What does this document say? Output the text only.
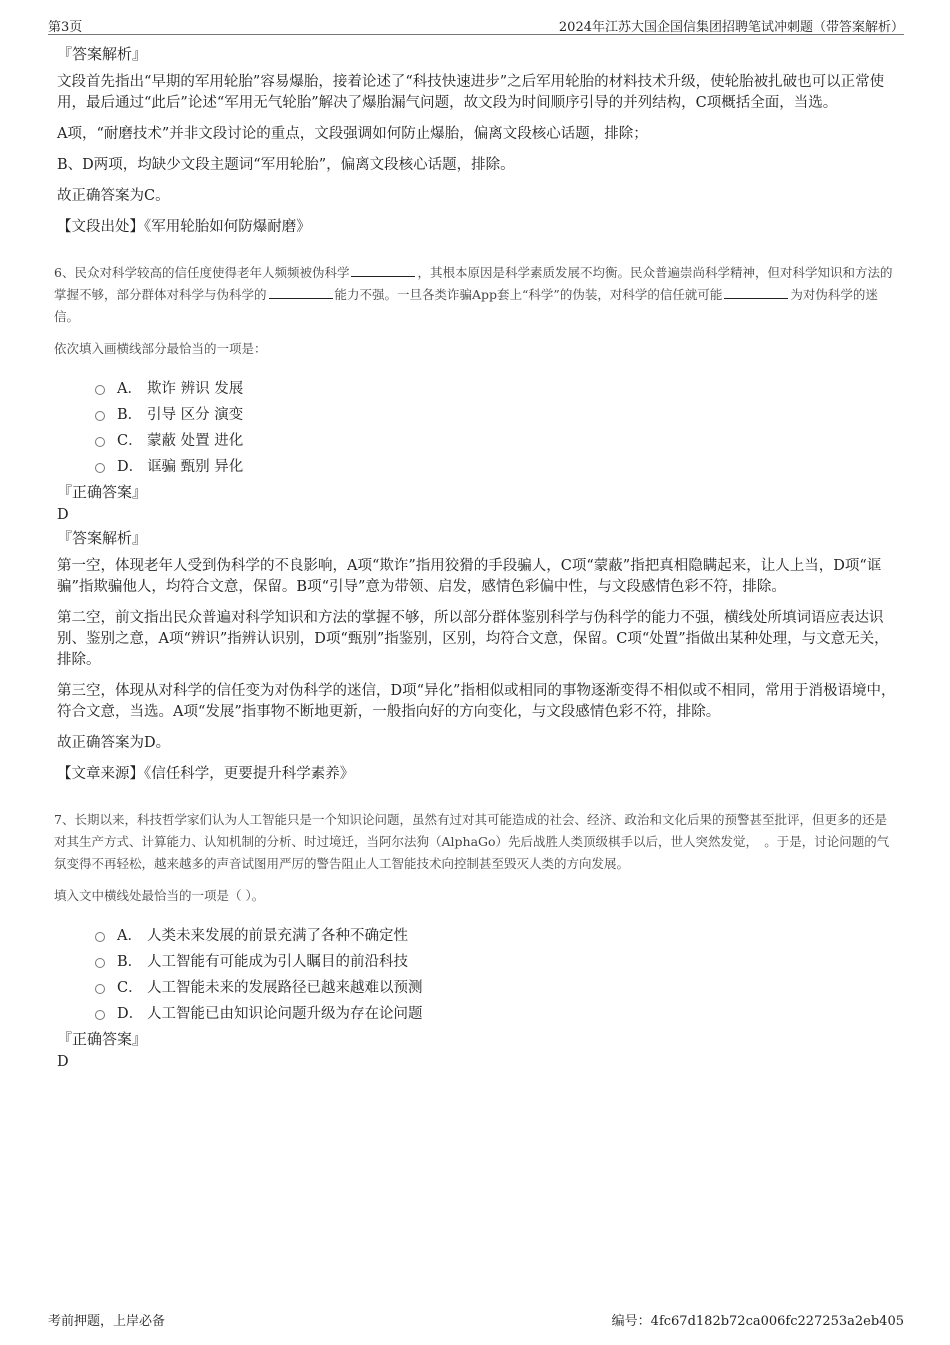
第3页	2024年江苏大国企国信集团招聘笔试冲刺题（带答案解析）
『答案解析』

文段首先指出“早期的军用轮胎”容易爆胎，接着论述了“科技快速进步”之后军用轮胎的材料技术升级，使轮胎被扎破也可以正常使用，最后通过“此后”论述“军用无气轮胎”解决了爆胎漏气问题，故文段为时间顺序引导的并列结构，C项概括全面，当选。

A项，“耐磨技术”并非文段讨论的重点，文段强调如何防止爆胎，偏离文段核心话题，排除；

B、D两项，均缺少文段主题词“军用轮胎”，偏离文段核心话题，排除。

故正确答案为C。

【文段出处】《军用轮胎如何防爆耐磨》

6、民众对科学较高的信任度使得老年人频频被伪科学	，其根本原因是科学素质发展不均衡。民众普遍崇尚科学精神，但对科学知识和方法的掌握不够，部分群体对科学与伪科学的	能力不强。一旦各类诈骗App套上“科学”的伪装，对科学的信任就可能	为对伪科学的迷信。
依次填入画横线部分最恰当的一项是：
A． 欺诈 辨识 发展
B． 引导 区分 演变
C． 蒙蔽 处置 进化
D． 诓骗 甄别 异化
『正确答案』
D
『答案解析』

第一空，体现老年人受到伪科学的不良影响，A项“欺诈”指用狡猾的手段骗人，C项“蒙蔽”指把真相隐瞒起来，让人上当，D项“诓骗”指欺骗他人，均符合文意，保留。B项“引导”意为带领、启发，感情色彩偏中性，与文段感情色彩不符，排除。

第二空，前文指出民众普遍对科学知识和方法的掌握不够，所以部分群体鉴别科学与伪科学的能力不强，横线处所填词语应表达识别、鉴别之意，A项“辨识”指辨认识别，D项“甄别”指鉴别，区别，均符合文意，保留。C项“处置”指做出某种处理，与文意无关，排除。

第三空，体现从对科学的信任变为对伪科学的迷信，D项“异化”指相似或相同的事物逐渐变得不相似或不相同，常用于消极语境中，符合文意，当选。A项“发展”指事物不断地更新，一般指向好的方向变化，与文段感情色彩不符，排除。

故正确答案为D。

【文章来源】《信任科学，更要提升科学素养》

7、长期以来，科技哲学家们认为人工智能只是一个知识论问题，虽然有过对其可能造成的社会、经济、政治和文化后果的预警甚至批评，但更多的还是对其生产方式、计算能力、认知机制的分析、时过境迁，当阿尔法狗（AlphaGo）先后战胜人类顶级棋手以后，世人突然发觉，　。于是，讨论问题的气氛变得不再轻松，越来越多的声音试图用严厉的警告阻止人工智能技术向控制甚至毁灭人类的方向发展。
填入文中横线处最恰当的一项是（ ）。
A． 人类未来发展的前景充满了各种不确定性
B． 人工智能有可能成为引人瞩目的前沿科技
C． 人工智能未来的发展路径已越来越难以预测
D． 人工智能已由知识论问题升级为存在论问题
『正确答案』
D
考前押题，上岸必备	编号：4fc67d182b72ca006fc227253a2eb405
